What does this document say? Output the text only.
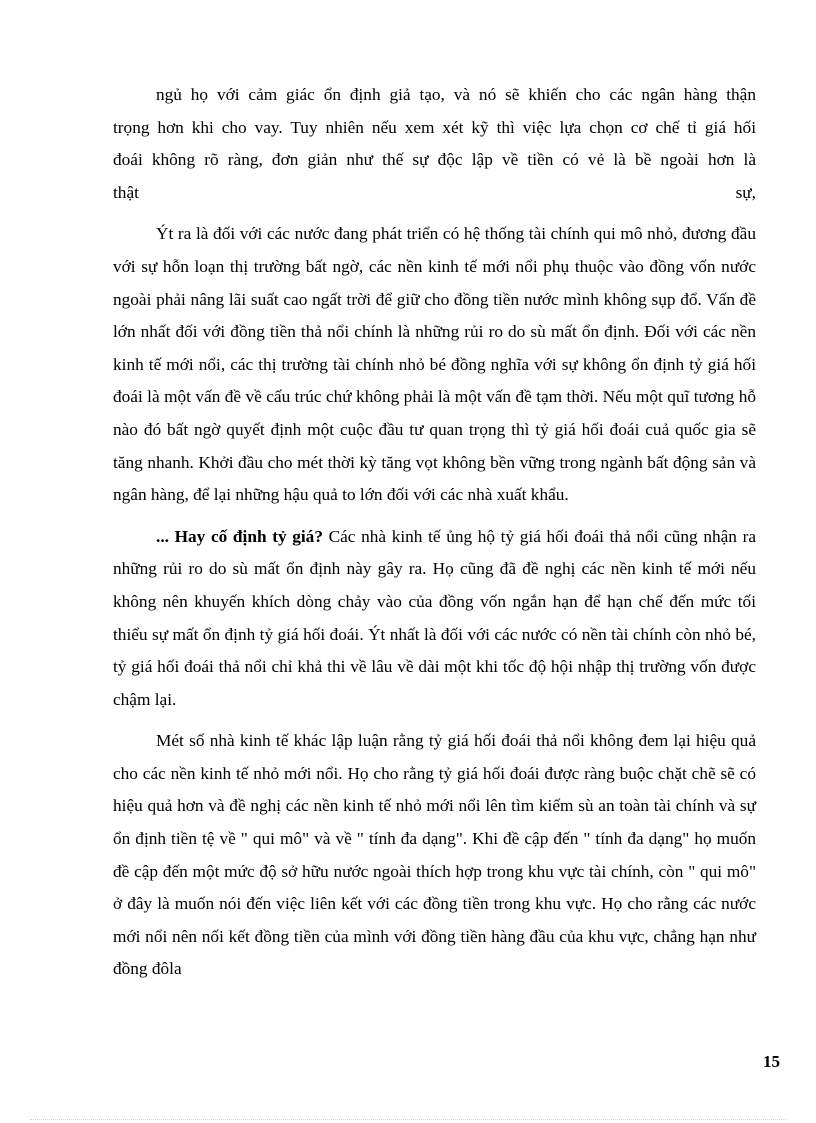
ngủ họ với cảm giác ổn định giả tạo, và nó sẽ khiến cho các ngân hàng thận
trọng hơn khi cho vay. Tuy nhiên nếu xem xét kỹ thì việc lựa chọn cơ chế tỉ giá hối
đoái không rõ ràng, đơn giản như thế sự độc lập về tiền có vẻ là bề ngoài hơn là
thật sự,

Ýt ra là đối với các nước đang phát triển có hệ thống tài chính qui mô nhỏ, đương đầu với sự hỗn loạn thị trường bất ngờ, các nền kinh tế mới nổi phụ thuộc vào đồng vốn nước ngoài phải nâng lãi suất cao ngất trời để giữ cho đồng tiền nước mình không sụp đổ. Vấn đề lớn nhất đối với đồng tiền thả nổi chính là những rủi ro do sù mất ổn định. Đối với các nền kinh tế mới nổi, các thị trường tài chính nhỏ bé đồng nghĩa với sự không ổn định tỷ giá hối đoái là một vấn đề về cấu trúc chứ không phải là một vấn đề tạm thời. Nếu một quĩ tương hỗ nào đó bất ngờ quyết định một cuộc đầu tư quan trọng thì tỷ giá hối đoái cuả quốc gia sẽ tăng nhanh. Khởi đầu cho mét thời kỳ tăng vọt không bền vững trong ngành bất động sản và ngân hàng, để lại những hậu quả to lớn đối với các nhà xuất khẩu.

... Hay cố định tỷ giá? Các nhà kinh tế ủng hộ tỷ giá hối đoái thả nổi cũng nhận ra những rủi ro do sù mất ổn định này gây ra. Họ cũng đã đề nghị các nền kinh tế mới nếu không nên khuyến khích dòng chảy vào của đồng vốn ngắn hạn để hạn chế đến mức tối thiểu sự mất ổn định tỷ giá hối đoái. Ýt nhất là đối với các nước có nền tài chính còn nhỏ bé, tỷ giá hối đoái thả nổi chỉ khả thi về lâu về dài một khi tốc độ hội nhập thị trường vốn được chậm lại.

Mét số nhà kinh tế khác lập luận rằng tỷ giá hối đoái thả nổi không đem lại hiệu quả cho các nền kinh tế nhỏ mới nổi. Họ cho rằng tỷ giá hối đoái được ràng buộc chặt chẽ sẽ có hiệu quả hơn và đề nghị các nền kinh tế nhỏ mới nổi lên tìm kiếm sù an toàn tài chính và sự ổn định tiền tệ về " qui mô" và về " tính đa dạng". Khi đề cập đến " tính đa dạng" họ muốn đề cập đến một mức độ sở hữu nước ngoài thích hợp trong khu vực tài chính, còn " qui mô" ở đây là muốn nói đến việc liên kết với các đồng tiền trong khu vực. Họ cho rằng các nước mới nổi nên nối kết đồng tiền của mình với đồng tiền hàng đầu của khu vực, chẳng hạn như đồng đôla

15
